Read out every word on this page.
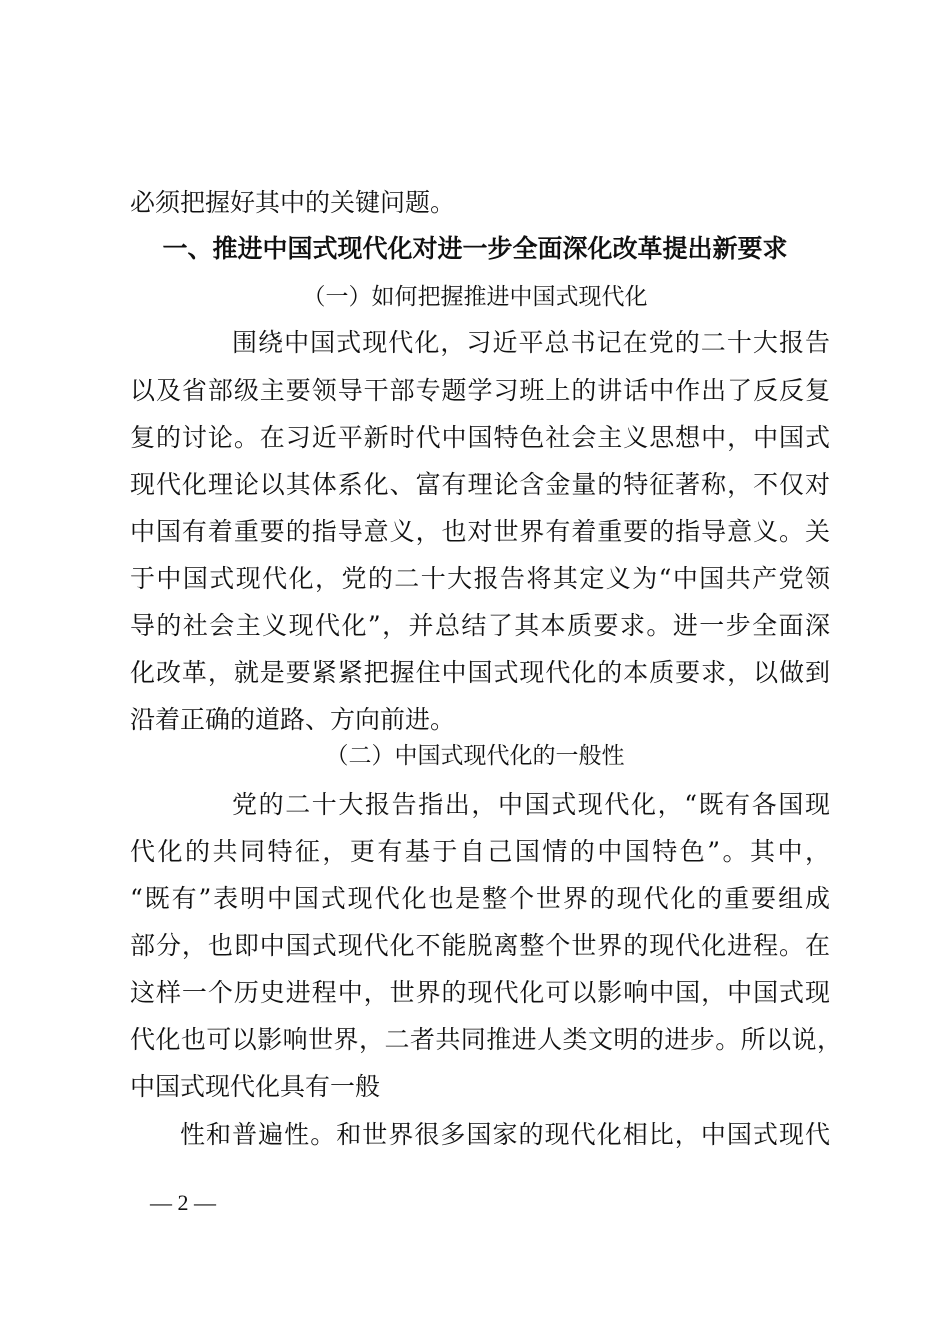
必须把握好其中的关键问题。
一、推进中国式现代化对进一步全面深化改革提出新要求
（一）如何把握推进中国式现代化
围绕中国式现代化，习近平总书记在党的二十大报告
以及省部级主要领导干部专题学习班上的讲话中作出了反反复
复的讨论。在习近平新时代中国特色社会主义思想中，中国式
现代化理论以其体系化、富有理论含金量的特征著称，不仅对
中国有着重要的指导意义，也对世界有着重要的指导意义。关
于中国式现代化，党的二十大报告将其定义为“中国共产党领
导的社会主义现代化”，并总结了其本质要求。进一步全面深
化改革，就是要紧紧把握住中国式现代化的本质要求，以做到
沿着正确的道路、方向前进。
（二）中国式现代化的一般性
党的二十大报告指出，中国式现代化，“既有各国现
代化的共同特征，更有基于自己国情的中国特色”。其中，
“既有”表明中国式现代化也是整个世界的现代化的重要组成
部分，也即中国式现代化不能脱离整个世界的现代化进程。在
这样一个历史进程中，世界的现代化可以影响中国，中国式现
代化也可以影响世界，二者共同推进人类文明的进步。所以说，
中国式现代化具有一般
性和普遍性。和世界很多国家的现代化相比，中国式现代
— 2 —
